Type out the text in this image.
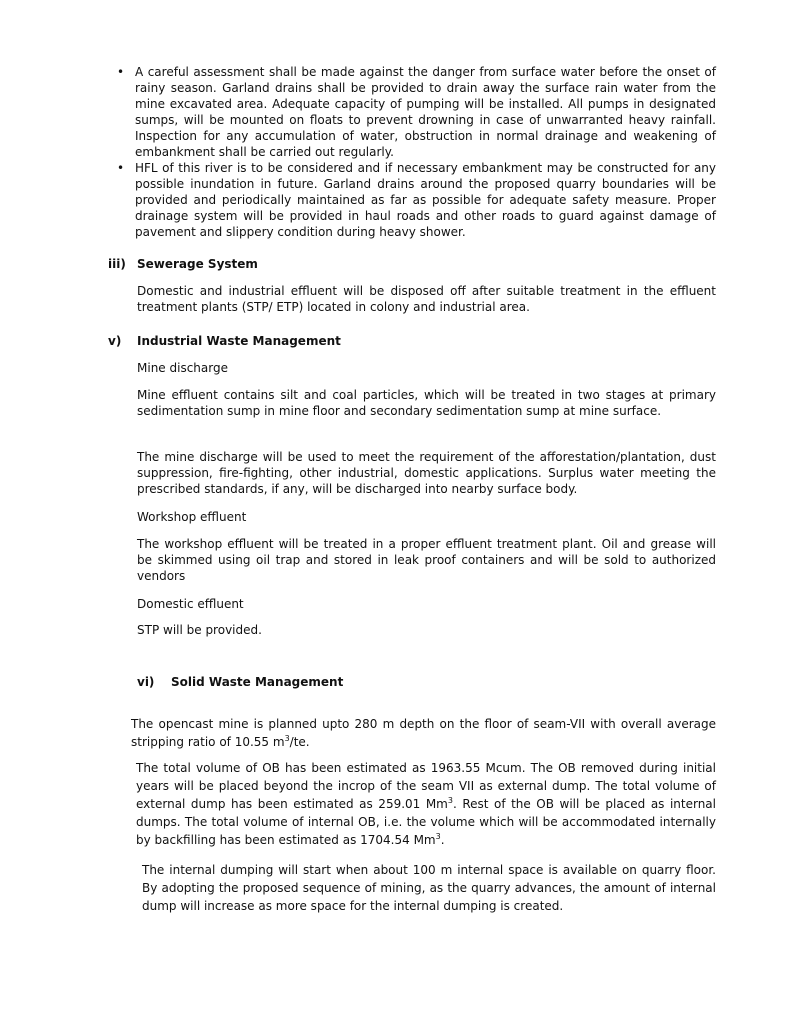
• A careful assessment shall be made against the danger from surface water before the onset of rainy season. Garland drains shall be provided to drain away the surface rain water from the mine excavated area. Adequate capacity of pumping will be installed. All pumps in designated sumps, will be mounted on floats to prevent drowning in case of unwarranted heavy rainfall. Inspection for any accumulation of water, obstruction in normal drainage and weakening of embankment shall be carried out regularly.

• HFL of this river is to be considered and if necessary embankment may be constructed for any possible inundation in future. Garland drains around the proposed quarry boundaries will be provided and periodically maintained as far as possible for adequate safety measure. Proper drainage system will be provided in haul roads and other roads to guard against damage of pavement and slippery condition during heavy shower.

iii) Sewerage System

Domestic and industrial effluent will be disposed off after suitable treatment in the effluent treatment plants (STP/ ETP) located in colony and industrial area.

v) Industrial Waste Management

Mine discharge

Mine effluent contains silt and coal particles, which will be treated in two stages at primary sedimentation sump in mine floor and secondary sedimentation sump at mine surface.

The mine discharge will be used to meet the requirement of the afforestation/plantation, dust suppression, fire-fighting, other industrial, domestic applications. Surplus water meeting the prescribed standards, if any, will be discharged into nearby surface body.

Workshop effluent

The workshop effluent will be treated in a proper effluent treatment plant. Oil and grease will be skimmed using oil trap and stored in leak proof containers and will be sold to authorized vendors

Domestic effluent

STP will be provided.

vi) Solid Waste Management

The opencast mine is planned upto 280 m depth on the floor of seam-VII with overall average stripping ratio of 10.55 $m^3/te$.

The total volume of OB has been estimated as 1963.55 Mcum. The OB removed during initial years will be placed beyond the incrop of the seam VII as external dump. The total volume of external dump has been estimated as 259.01 Mm$^3$. Rest of the OB will be placed as internal dumps. The total volume of internal OB, i.e. the volume which will be accommodated internally by backfilling has been estimated as 1704.54 Mm$^3$.

The internal dumping will start when about 100 m internal space is available on quarry floor. By adopting the proposed sequence of mining, as the quarry advances, the amount of internal dump will increase as more space for the internal dumping is created.
